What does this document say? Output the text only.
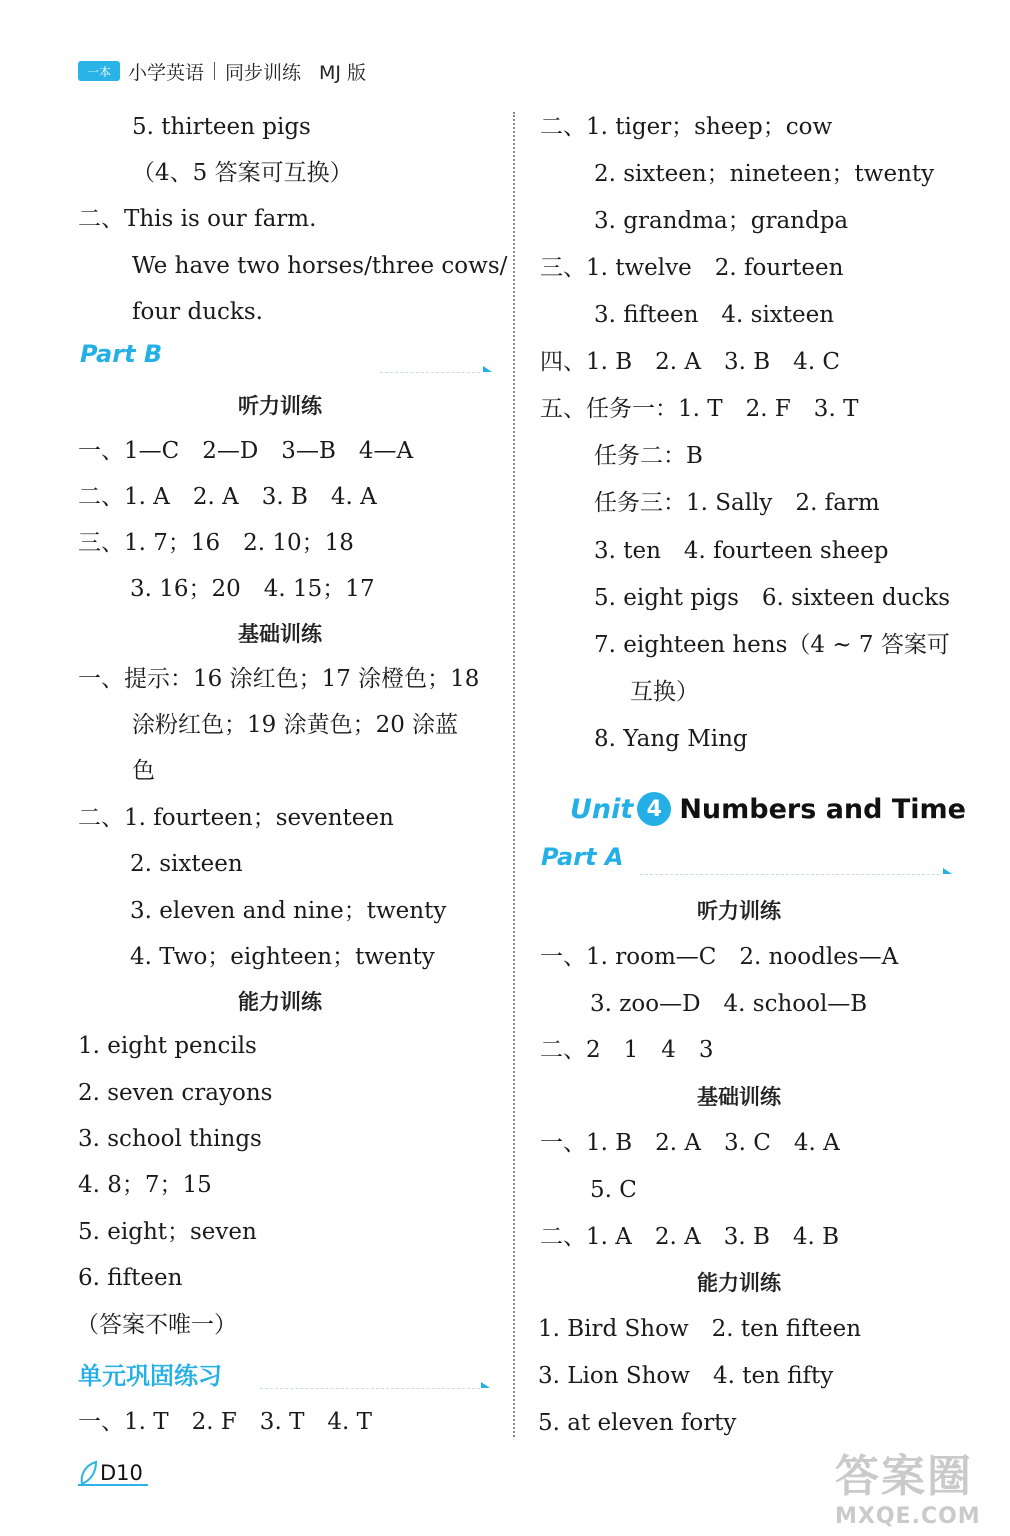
一本 小学英语 同步训练 MJ 版
5. thirteen pigs
（4、5 答案可互换）
二、This is our farm.
We have two horses/three cows/
four ducks.
Part B
听力训练
一、1—C　2—D　3—B　4—A
二、1. A　2. A　3. B　4. A
三、1. 7；16　2. 10；18
3. 16；20　4. 15；17
基础训练
一、提示：16 涂红色；17 涂橙色；18
涂粉红色；19 涂黄色；20 涂蓝
色
二、1. fourteen；seventeen
2. sixteen
3. eleven and nine；twenty
4. Two；eighteen；twenty
能力训练
1. eight pencils
2. seven crayons
3. school things
4. 8；7；15
5. eight；seven
6. fifteen
（答案不唯一）
单元巩固练习
一、1. T　2. F　3. T　4. T
二、1. tiger；sheep；cow
2. sixteen；nineteen；twenty
3. grandma；grandpa
三、1. twelve　2. fourteen
3. fifteen　4. sixteen
四、1. B　2. A　3. B　4. C
五、任务一：1. T　2. F　3. T
任务二：B
任务三：1. Sally　2. farm
3. ten　4. fourteen sheep
5. eight pigs　6. sixteen ducks
7. eighteen hens（4 ~ 7 答案可
互换）
8. Yang Ming
Unit 4 Numbers and Time
Part A
听力训练
一、1. room—C　2. noodles—A
3. zoo—D　4. school—B
二、2　1　4　3
基础训练
一、1. B　2. A　3. C　4. A
5. C
二、1. A　2. A　3. B　4. B
能力训练
1. Bird Show　2. ten fifteen
3. Lion Show　4. ten fifty
5. at eleven forty
D10	答案圈
MXQE.COM
